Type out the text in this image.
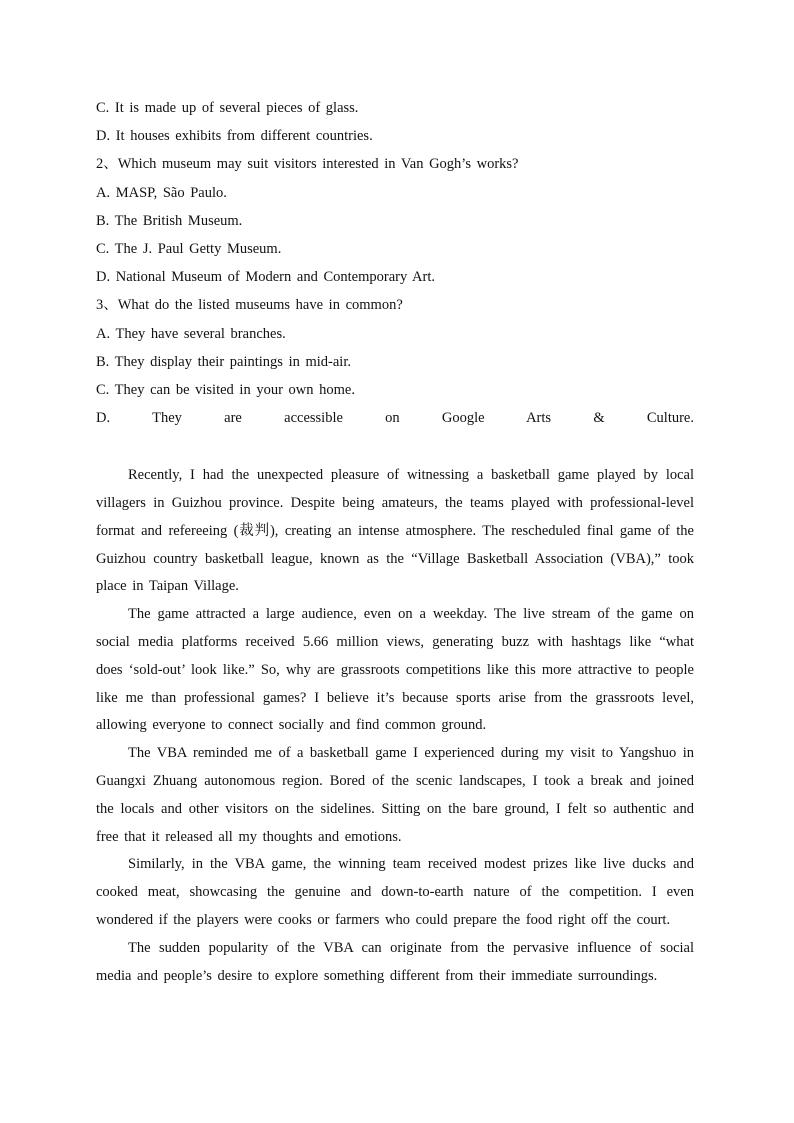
C. It is made up of several pieces of glass.
D. It houses exhibits from different countries.
2、Which museum may suit visitors interested in Van Gogh’s works?
A. MASP, São Paulo.
B. The British Museum.
C. The J. Paul Getty Museum.
D. National Museum of Modern and Contemporary Art.
3、What do the listed museums have in common?
A. They have several branches.
B. They display their paintings in mid-air.
C. They can be visited in your own home.
D. They are accessible on Google Arts & Culture.

Recently, I had the unexpected pleasure of witnessing a basketball game played by local villagers in Guizhou province. Despite being amateurs, the teams played with professional-level format and refereeing (裁判), creating an intense atmosphere. The rescheduled final game of the Guizhou country basketball league, known as the “Village Basketball Association (VBA),” took place in Taipan Village.

The game attracted a large audience, even on a weekday. The live stream of the game on social media platforms received 5.66 million views, generating buzz with hashtags like “what does ‘sold-out’ look like.” So, why are grassroots competitions like this more attractive to people like me than professional games? I believe it’s because sports arise from the grassroots level, allowing everyone to connect socially and find common ground.

The VBA reminded me of a basketball game I experienced during my visit to Yangshuo in Guangxi Zhuang autonomous region. Bored of the scenic landscapes, I took a break and joined the locals and other visitors on the sidelines. Sitting on the bare ground, I felt so authentic and free that it released all my thoughts and emotions.

Similarly, in the VBA game, the winning team received modest prizes like live ducks and cooked meat, showcasing the genuine and down-to-earth nature of the competition. I even wondered if the players were cooks or farmers who could prepare the food right off the court.

The sudden popularity of the VBA can originate from the pervasive influence of social media and people’s desire to explore something different from their immediate surroundings.
